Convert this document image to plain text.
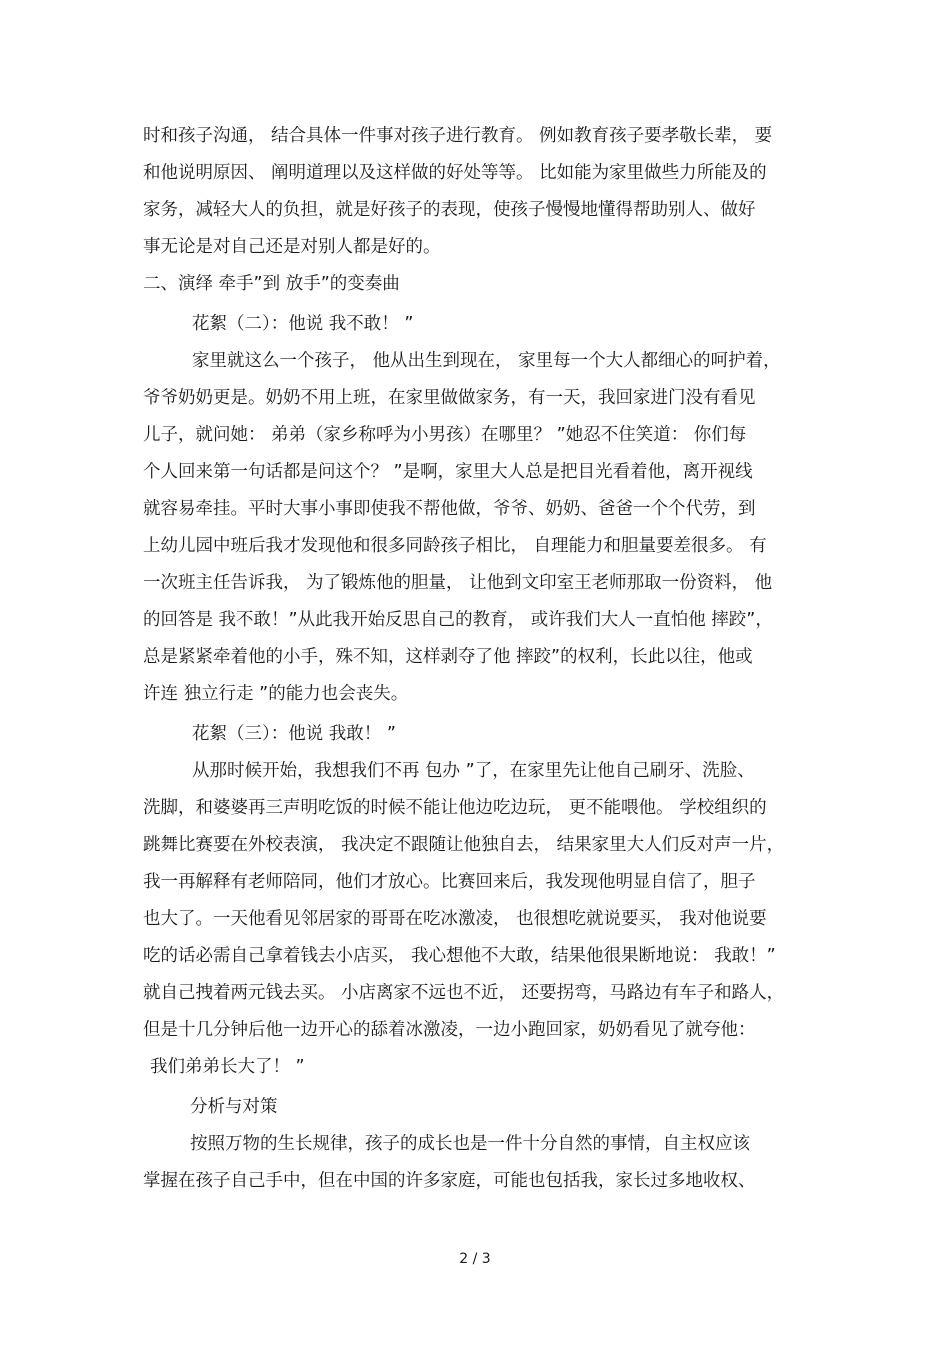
时和孩子沟通， 结合具体一件事对孩子进行教育。 例如教育孩子要孝敬长辈， 要
和他说明原因、 阐明道理以及这样做的好处等等。 比如能为家里做些力所能及的
家务，减轻大人的负担，就是好孩子的表现，使孩子慢慢地懂得帮助别人、做好
事无论是对自己还是对别人都是好的。
二、演绎 牵手”到 放手”的变奏曲
花絮（二）：他说 我不敢！ ”
家里就这么一个孩子， 他从出生到现在， 家里每一个大人都细心的呵护着，
爷爷奶奶更是。奶奶不用上班，在家里做做家务，有一天，我回家进门没有看见
儿子，就问她： 弟弟（家乡称呼为小男孩）在哪里？ ”她忍不住笑道： 你们每
个人回来第一句话都是问这个？ ”是啊，家里大人总是把目光看着他，离开视线
就容易牵挂。平时大事小事即使我不帮他做，爷爷、奶奶、爸爸一个个代劳，到
上幼儿园中班后我才发现他和很多同龄孩子相比， 自理能力和胆量要差很多。 有
一次班主任告诉我， 为了锻炼他的胆量， 让他到文印室王老师那取一份资料， 他
的回答是 我不敢！”从此我开始反思自己的教育， 或许我们大人一直怕他 摔跤”，
总是紧紧牵着他的小手，殊不知，这样剥夺了他 摔跤”的权利，长此以往，他或
许连 独立行走 ”的能力也会丧失。
花絮（三）：他说 我敢！ ”
从那时候开始，我想我们不再 包办 ”了，在家里先让他自己刷牙、洗脸、
洗脚，和婆婆再三声明吃饭的时候不能让他边吃边玩， 更不能喂他。 学校组织的
跳舞比赛要在外校表演， 我决定不跟随让他独自去， 结果家里大人们反对声一片，
我一再解释有老师陪同，他们才放心。比赛回来后，我发现他明显自信了，胆子
也大了。一天他看见邻居家的哥哥在吃冰激凌， 也很想吃就说要买， 我对他说要
吃的话必需自己拿着钱去小店买， 我心想他不大敢，结果他很果断地说： 我敢！”
就自己拽着两元钱去买。 小店离家不远也不近， 还要拐弯，马路边有车子和路人，
但是十几分钟后他一边开心的舔着冰激凌，一边小跑回家，奶奶看见了就夸他：
我们弟弟长大了！ ”
分析与对策
按照万物的生长规律，孩子的成长也是一件十分自然的事情，自主权应该
掌握在孩子自己手中，但在中国的许多家庭，可能也包括我，家长过多地收权、
2 / 3
